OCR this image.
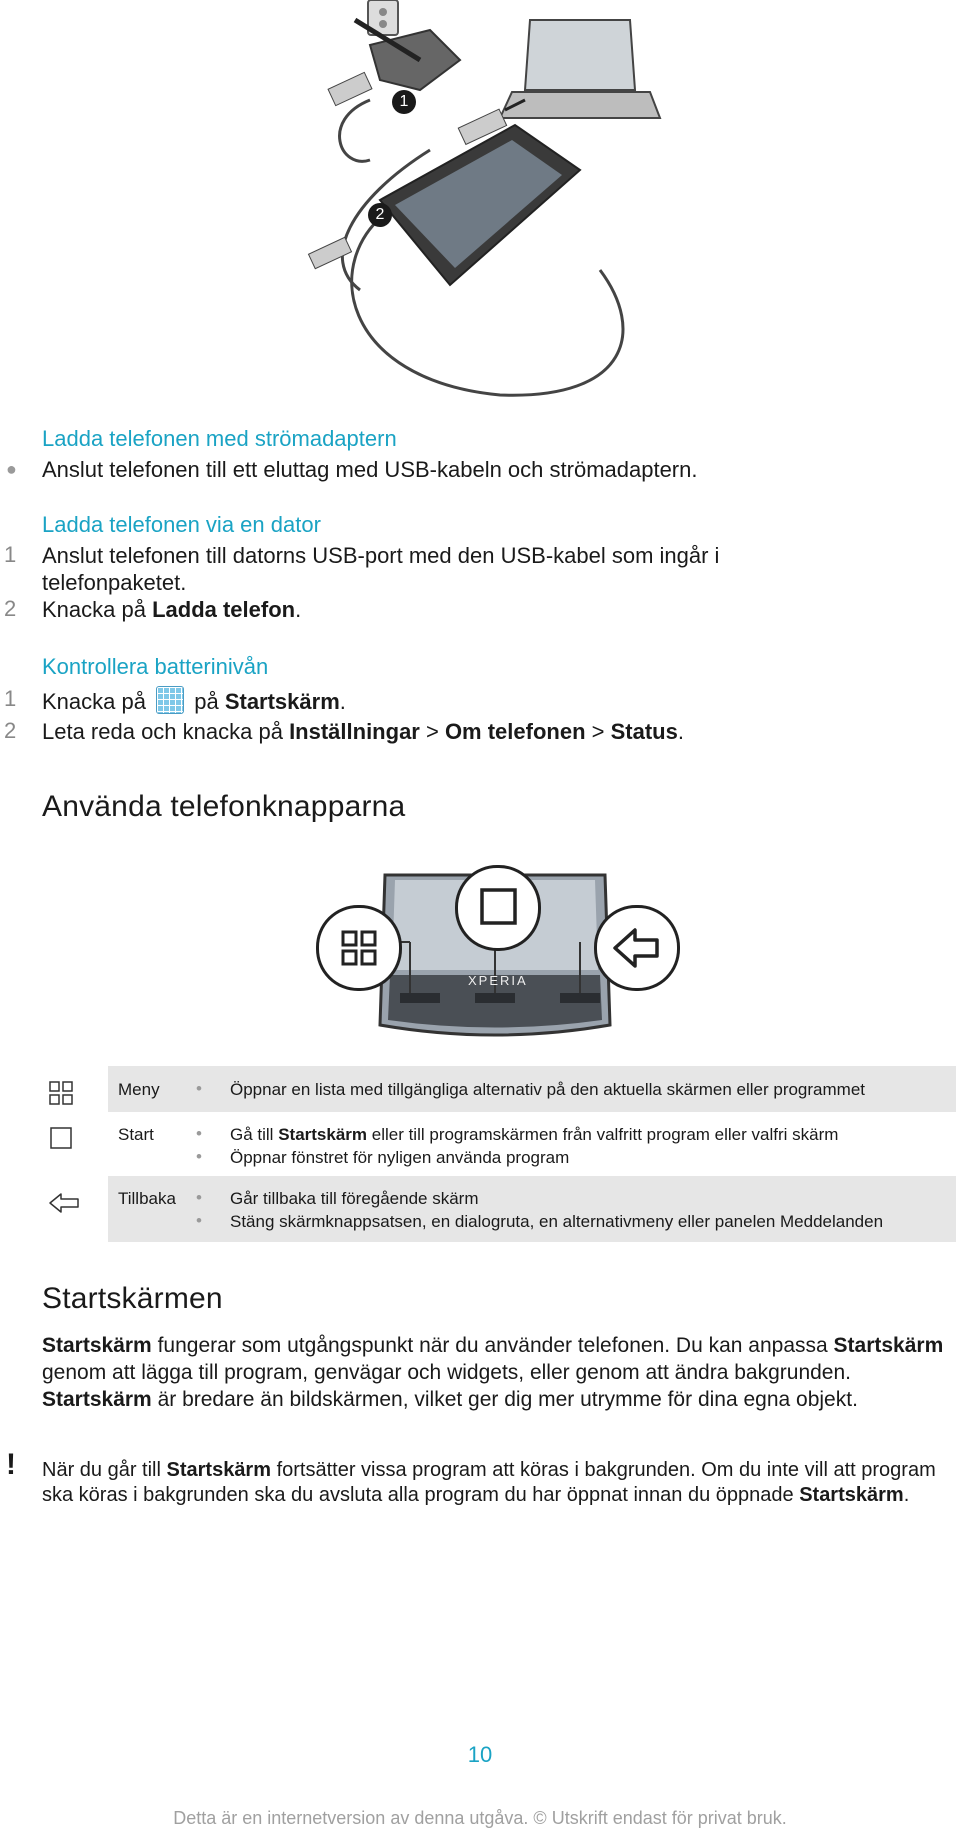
1
2
Ladda telefonen med strömadaptern
● Anslut telefonen till ett eluttag med USB-kabeln och strömadaptern.
Ladda telefonen via en dator
1 Anslut telefonen till datorns USB-port med den USB-kabel som ingår i
telefonpaketet.
2 Knacka på Ladda telefon.
Kontrollera batterinivån
1 Knacka på på Startskärm.
2 Leta reda och knacka på Inställningar > Om telefonen > Status.
Använda telefonknapparna
XPERIA
Meny • Öppnar en lista med tillgängliga alternativ på den aktuella skärmen eller programmet
Start • Gå till Startskärm eller till programskärmen från valfritt program eller valfri skärm
• Öppnar fönstret för nyligen använda program
Tillbaka • Går tillbaka till föregående skärm
• Stäng skärmknappsatsen, en dialogruta, en alternativmeny eller panelen Meddelanden
Startskärmen
Startskärm fungerar som utgångspunkt när du använder telefonen. Du kan anpassa Startskärm genom att lägga till program, genvägar och widgets, eller genom att ändra bakgrunden. Startskärm är bredare än bildskärmen, vilket ger dig mer utrymme för dina egna objekt.
! När du går till Startskärm fortsätter vissa program att köras i bakgrunden. Om du inte vill att program ska köras i bakgrunden ska du avsluta alla program du har öppnat innan du öppnade Startskärm.
10
Detta är en internetversion av denna utgåva. © Utskrift endast för privat bruk.
